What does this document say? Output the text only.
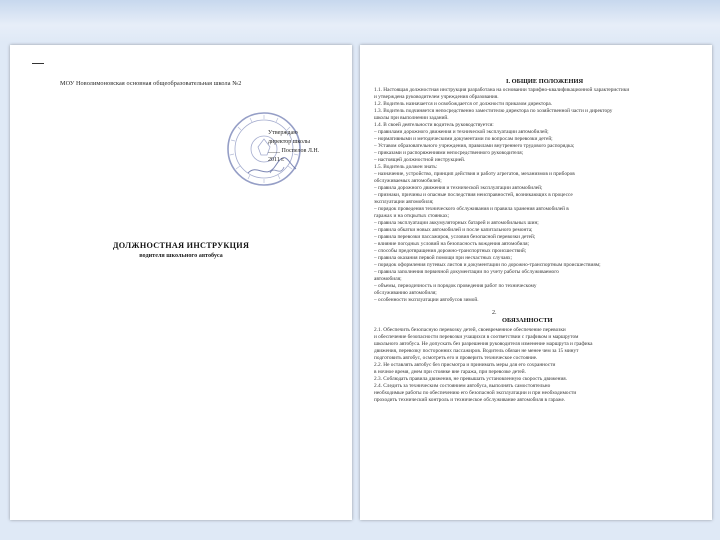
МОУ Новолимоновская основная общеобразовательная школа №2
Утверждаю
директор школы
____ Поспелов Л.Н.
2011 г.
ДОЛЖНОСТНАЯ ИНСТРУКЦИЯ
водителя школьного автобуса
I. ОБЩИЕ ПОЛОЖЕНИЯ
1.1. Настоящая должностная инструкция разработана на основании тарифно-квалификационной характеристики
и утверждена руководителем учреждения образования.
1.2. Водитель назначается и освобождается от должности приказом директора.
1.3. Водитель подчиняется непосредственно заместителю директора по хозяйственной части и директору
школы при выполнении заданий.
1.4. В своей деятельности водитель руководствуется:
– правилами дорожного движения и технической эксплуатации автомобилей;
– нормативными и методическими документами по вопросам перевозки детей;
– Уставом образовательного учреждения, правилами внутреннего трудового распорядка;
– приказами и распоряжениями непосредственного руководителя;
– настоящей должностной инструкцией.
1.5. Водитель должен знать:
– назначение, устройство, принцип действия и работу агрегатов, механизмов и приборов
обслуживаемых автомобилей;
– правила дорожного движения и технической эксплуатации автомобилей;
– признаки, причины и опасные последствия неисправностей, возникающих в процессе
эксплуатации автомобиля;
– порядок проведения технического обслуживания и правила хранения автомобилей в
гаражах и на открытых стоянках;
– правила эксплуатации аккумуляторных батарей и автомобильных шин;
– правила обкатки новых автомобилей и после капитального ремонта;
– правила перевозки пассажиров, условия безопасной перевозки детей;
– влияние погодных условий на безопасность вождения автомобиля;
– способы предотвращения дорожно-транспортных происшествий;
– правила оказания первой помощи при несчастных случаях;
– порядок оформления путевых листов и документации по дорожно-транспортным происшествиям;
– правила заполнения первичной документации по учету работы обслуживаемого
автомобиля;
– объемы, периодичность и порядок проведения работ по техническому
обслуживанию автомобиля;
– особенности эксплуатации автобусов зимой.
2.
ОБЯЗАННОСТИ
2.1. Обеспечить безопасную перевозку детей, своевременное обеспечение перевозки
и обеспечение безопасности перевозки учащихся в соответствии с графиком и маршрутом
школьного автобуса. Не допускать без разрешения руководителя изменение маршрута и графика
движения, перевозку посторонних пассажиров. Водитель обязан не менее чем за 15 минут
подготовить автобус, осмотреть его и проверить техническое состояние.
2.2. Не оставлять автобус без присмотра и принимать меры для его сохранности
в ночное время, днем при стоянке вне гаража, при перевозке детей.
2.3. Соблюдать правила движения, не превышать установленную скорость движения.
2.4. Следить за техническим состоянием автобуса, выполнять самостоятельно
необходимые работы по обеспечению его безопасной эксплуатации и при необходимости
проходить технический контроль и техническое обслуживание автомобиля в гараже.
